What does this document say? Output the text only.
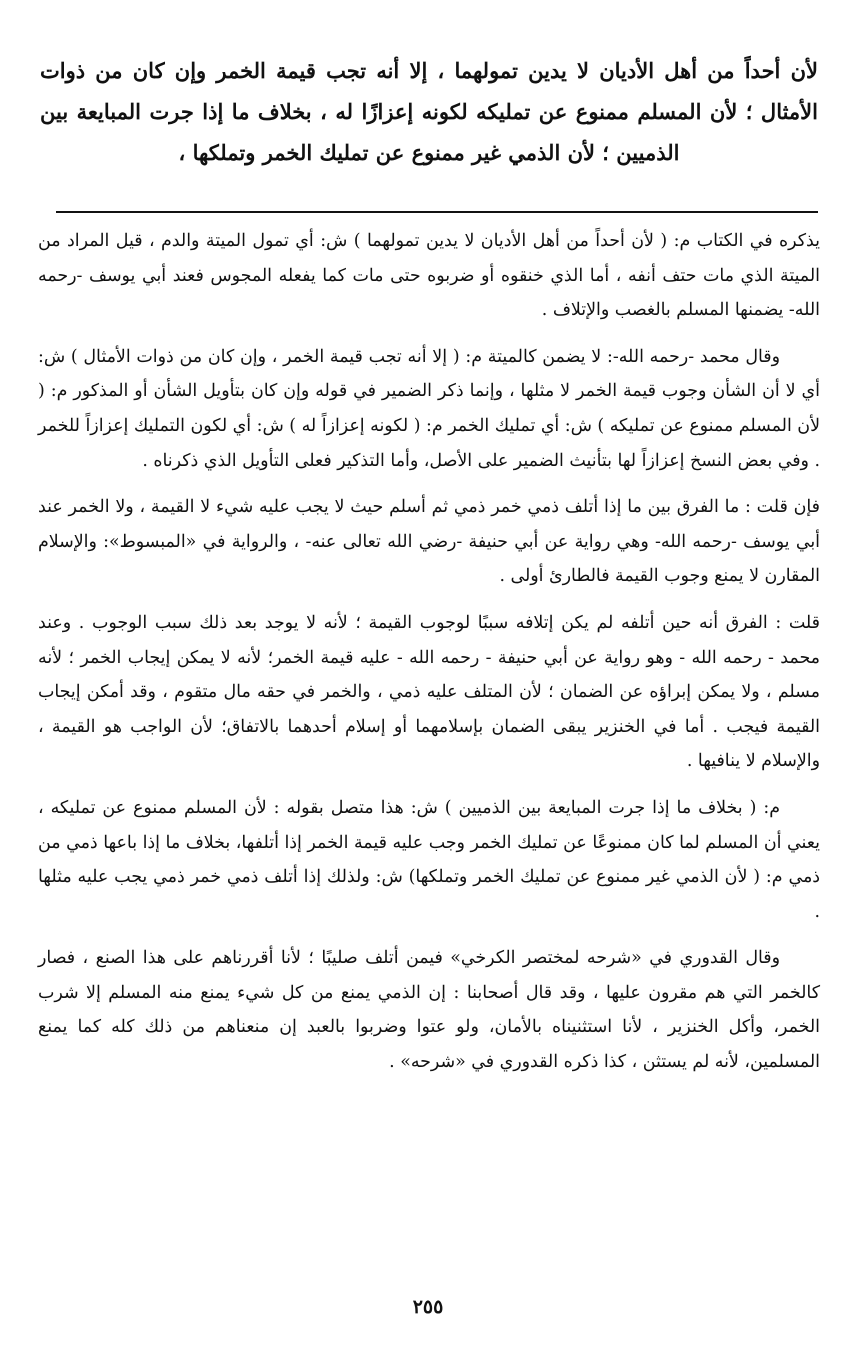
لأن أحداً من أهل الأديان لا يدين تمولهما ، إلا أنه تجب قيمة الخمر وإن كان من ذوات الأمثال ؛ لأن المسلم ممنوع عن تمليكه لكونه إعزازًا له ، بخلاف ما إذا جرت المبايعة بين الذميين ؛ لأن الذمي غير ممنوع عن تمليك الخمر وتملكها ،

يذكره في الكتاب م: ( لأن أحداً من أهل الأديان لا يدين تمولهما ) ش: أي تمول الميتة والدم ، قيل المراد من الميتة الذي مات حتف أنفه ، أما الذي خنقوه أو ضربوه حتى مات كما يفعله المجوس فعند أبي يوسف -رحمه الله- يضمنها المسلم بالغصب والإتلاف .

وقال محمد -رحمه الله-: لا يضمن كالميتة م: ( إلا أنه تجب قيمة الخمر ، وإن كان من ذوات الأمثال ) ش: أي لا أن الشأن وجوب قيمة الخمر لا مثلها ، وإنما ذكر الضمير في قوله وإن كان بتأويل الشأن أو المذكور م: ( لأن المسلم ممنوع عن تمليكه ) ش: أي تمليك الخمر م: ( لكونه إعزازاً له ) ش: أي لكون التمليك إعزازاً للخمر . وفي بعض النسخ إعزازاً لها بتأنيث الضمير على الأصل، وأما التذكير فعلى التأويل الذي ذكرناه .

فإن قلت : ما الفرق بين ما إذا أتلف ذمي خمر ذمي ثم أسلم حيث لا يجب عليه شيء لا القيمة ، ولا الخمر عند أبي يوسف -رحمه الله- وهي رواية عن أبي حنيفة -رضي الله تعالى عنه- ، والرواية في «المبسوط»: والإسلام المقارن لا يمنع وجوب القيمة فالطارئ أولى .

قلت : الفرق أنه حين أتلفه لم يكن إتلافه سببًا لوجوب القيمة ؛ لأنه لا يوجد بعد ذلك سبب الوجوب . وعند محمد - رحمه الله - وهو رواية عن أبي حنيفة - رحمه الله - عليه قيمة الخمر؛ لأنه لا يمكن إيجاب الخمر ؛ لأنه مسلم ، ولا يمكن إبراؤه عن الضمان ؛ لأن المتلف عليه ذمي ، والخمر في حقه مال متقوم ، وقد أمكن إيجاب القيمة فيجب . أما في الخنزير يبقى الضمان بإسلامهما أو إسلام أحدهما بالاتفاق؛ لأن الواجب هو القيمة ، والإسلام لا ينافيها .

م: ( بخلاف ما إذا جرت المبايعة بين الذميين ) ش: هذا متصل بقوله : لأن المسلم ممنوع عن تمليكه ، يعني أن المسلم لما كان ممنوعًا عن تمليك الخمر وجب عليه قيمة الخمر إذا أتلفها، بخلاف ما إذا باعها ذمي من ذمي م: ( لأن الذمي غير ممنوع عن تمليك الخمر وتملكها) ش: ولذلك إذا أتلف ذمي خمر ذمي يجب عليه مثلها .

وقال القدوري في «شرحه لمختصر الكرخي» فيمن أتلف صليبًا ؛ لأنا أقررناهم على هذا الصنع ، فصار كالخمر التي هم مقرون عليها ، وقد قال أصحابنا : إن الذمي يمنع من كل شيء يمنع منه المسلم إلا شرب الخمر، وأكل الخنزير ، لأنا استثنيناه بالأمان، ولو عتوا وضربوا بالعبد إن منعناهم من ذلك كله كما يمنع المسلمين، لأنه لم يستثن ، كذا ذكره القدوري في «شرحه» .

٢٥٥
